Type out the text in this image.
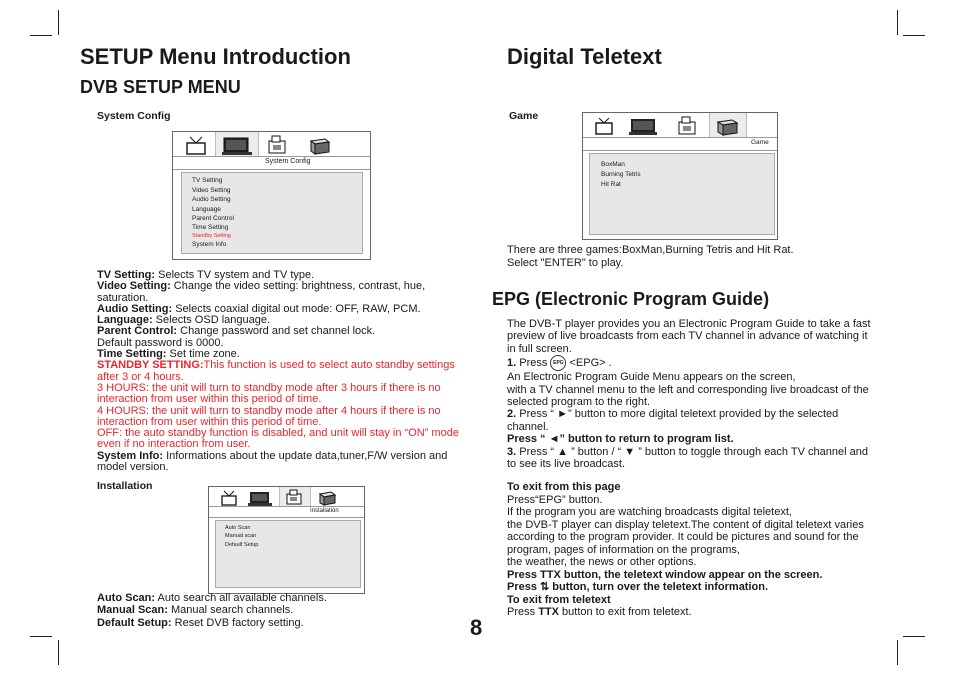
SETUP Menu Introduction
DVB SETUP MENU
System Config
System Config
TV Setting
Video Setting
Audio Setting
Language
Parent Control
Time Setting
Standby Setting
System Info
TV Setting: Selects TV system and TV type.
Video Setting: Change the video setting: brightness, contrast, hue, saturation.
Audio Setting: Selects coaxial digital out mode: OFF, RAW, PCM.
Language: Selects OSD language.
Parent Control: Change password and set channel lock.
Default password is 0000.
Time Setting: Set time zone.
STANDBY SETTING:This function is used to select auto standby settings after 3 or 4 hours.
3 HOURS: the unit will turn to standby mode after 3 hours if there is no interaction from user within this period of time.
4 HOURS: the unit will turn to standby mode after 4 hours if there is no interaction from user within this period of time.
OFF: the auto standby function is disabled, and unit will stay in “ON” mode even if no interaction from user.
System Info: Informations about the update data,tuner,F/W version and model version.
Installation
Installation
Auto Scan
Manual scan
Default Setup
Auto Scan: Auto search all available channels.
Manual Scan: Manual search channels.
Default Setup: Reset DVB factory setting.
Digital Teletext
Game
Game
BoxMan
Burning Tetris
Hit Rat
There are three games:BoxMan,Burning Tetris and Hit Rat.
Select "ENTER" to play.
EPG (Electronic Program Guide)
The DVB-T player provides you an Electronic Program Guide to take a fast preview of live broadcasts from each TV channel in advance of watching it in full screen.
1. Press EPG <EPG> .
An Electronic Program Guide Menu appears on the screen,
with a TV channel menu to the left and corresponding live broadcast of the selected program to the right.
2. Press “ ►” button to more digital teletext provided by the selected channel.
Press “ ◄” button to return to program list.
3. Press “ ▲ ” button / “ ▼ ” button to toggle through each TV channel and to see its live broadcast.
To exit from this page
Press“EPG” button.
If the program you are watching broadcasts digital teletext,
the DVB-T player can display teletext.The content of digital teletext varies according to the program provider. It could be pictures and sound for the program, pages of information on the programs,
the weather, the news or other options.
Press TTX button, the teletext window appear on the screen.
Press ⇅ button, turn over the teletext information.
To exit from teletext
Press TTX button to exit from teletext.
8
